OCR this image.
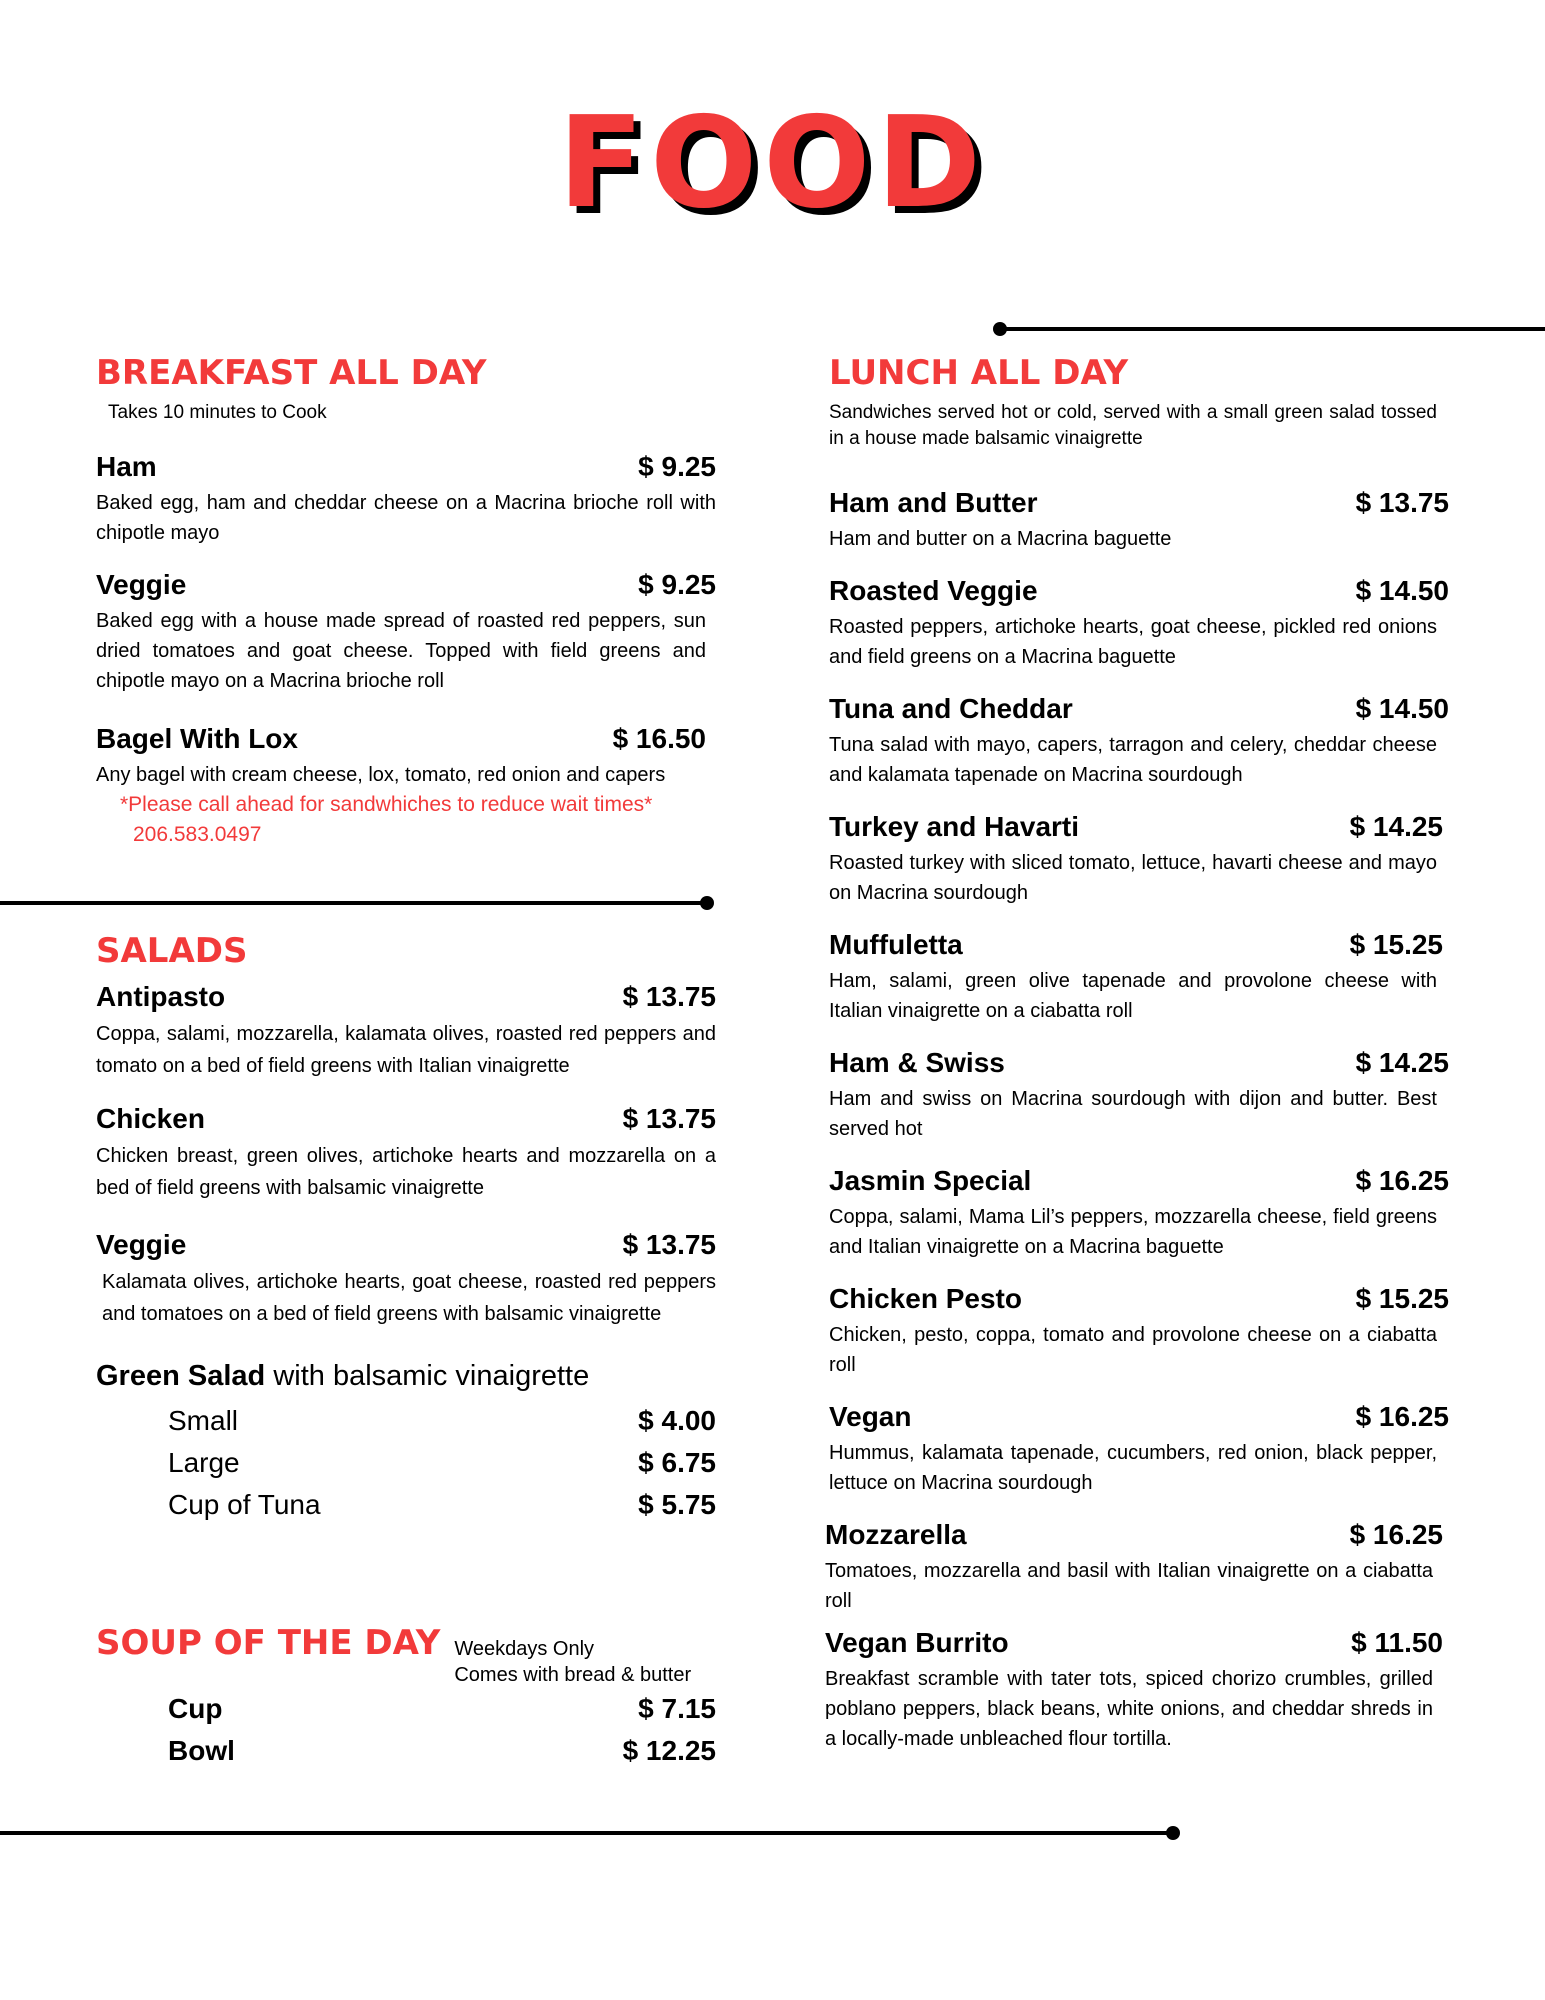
FOOD
BREAKFAST ALL DAY
Takes 10 minutes to Cook
Ham	$ 9.25
Baked egg, ham and cheddar cheese on a Macrina brioche roll with chipotle mayo
Veggie	$ 9.25
Baked egg with a house made spread of roasted red peppers, sun dried tomatoes and goat cheese. Topped with field greens and chipotle mayo on a Macrina brioche roll
Bagel With Lox	$ 16.50
Any bagel with cream cheese, lox, tomato, red onion and capers
*Please call ahead for sandwhiches to reduce wait times*
206.583.0497
SALADS
Antipasto	$ 13.75
Coppa, salami, mozzarella, kalamata olives, roasted red peppers and tomato on a bed of field greens with Italian vinaigrette
Chicken	$ 13.75
Chicken breast, green olives, artichoke hearts and mozzarella on a bed of field greens with balsamic vinaigrette
Veggie	$ 13.75
Kalamata olives, artichoke hearts, goat cheese, roasted red peppers and tomatoes on a bed of field greens with balsamic vinaigrette
Green Salad with balsamic vinaigrette
Small	$ 4.00
Large	$ 6.75
Cup of Tuna	$ 5.75
SOUP OF THE DAY Weekdays Only
Comes with bread & butter
Cup	$ 7.15
Bowl	$ 12.25
LUNCH ALL DAY
Sandwiches served hot or cold, served with a small green salad tossed in a house made balsamic vinaigrette
Ham and Butter	$ 13.75
Ham and butter on a Macrina baguette
Roasted Veggie	$ 14.50
Roasted peppers, artichoke hearts, goat cheese, pickled red onions and field greens on a Macrina baguette
Tuna and Cheddar	$ 14.50
Tuna salad with mayo, capers, tarragon and celery, cheddar cheese and kalamata tapenade on Macrina sourdough
Turkey and Havarti	$ 14.25
Roasted turkey with sliced tomato, lettuce, havarti cheese and mayo on Macrina sourdough
Muffuletta	$ 15.25
Ham, salami, green olive tapenade and provolone cheese with Italian vinaigrette on a ciabatta roll
Ham & Swiss	$ 14.25
Ham and swiss on Macrina sourdough with dijon and butter. Best served hot
Jasmin Special	$ 16.25
Coppa, salami, Mama Lil’s peppers, mozzarella cheese, field greens and Italian vinaigrette on a Macrina baguette
Chicken Pesto	$ 15.25
Chicken, pesto, coppa, tomato and provolone cheese on a ciabatta roll
Vegan	$ 16.25
Hummus, kalamata tapenade, cucumbers, red onion, black pepper, lettuce on Macrina sourdough
Mozzarella	$ 16.25
Tomatoes, mozzarella and basil with Italian vinaigrette on a ciabatta roll
Vegan Burrito	$ 11.50
Breakfast scramble with tater tots, spiced chorizo crumbles, grilled poblano peppers, black beans, white onions, and cheddar shreds in a locally-made unbleached flour tortilla.
